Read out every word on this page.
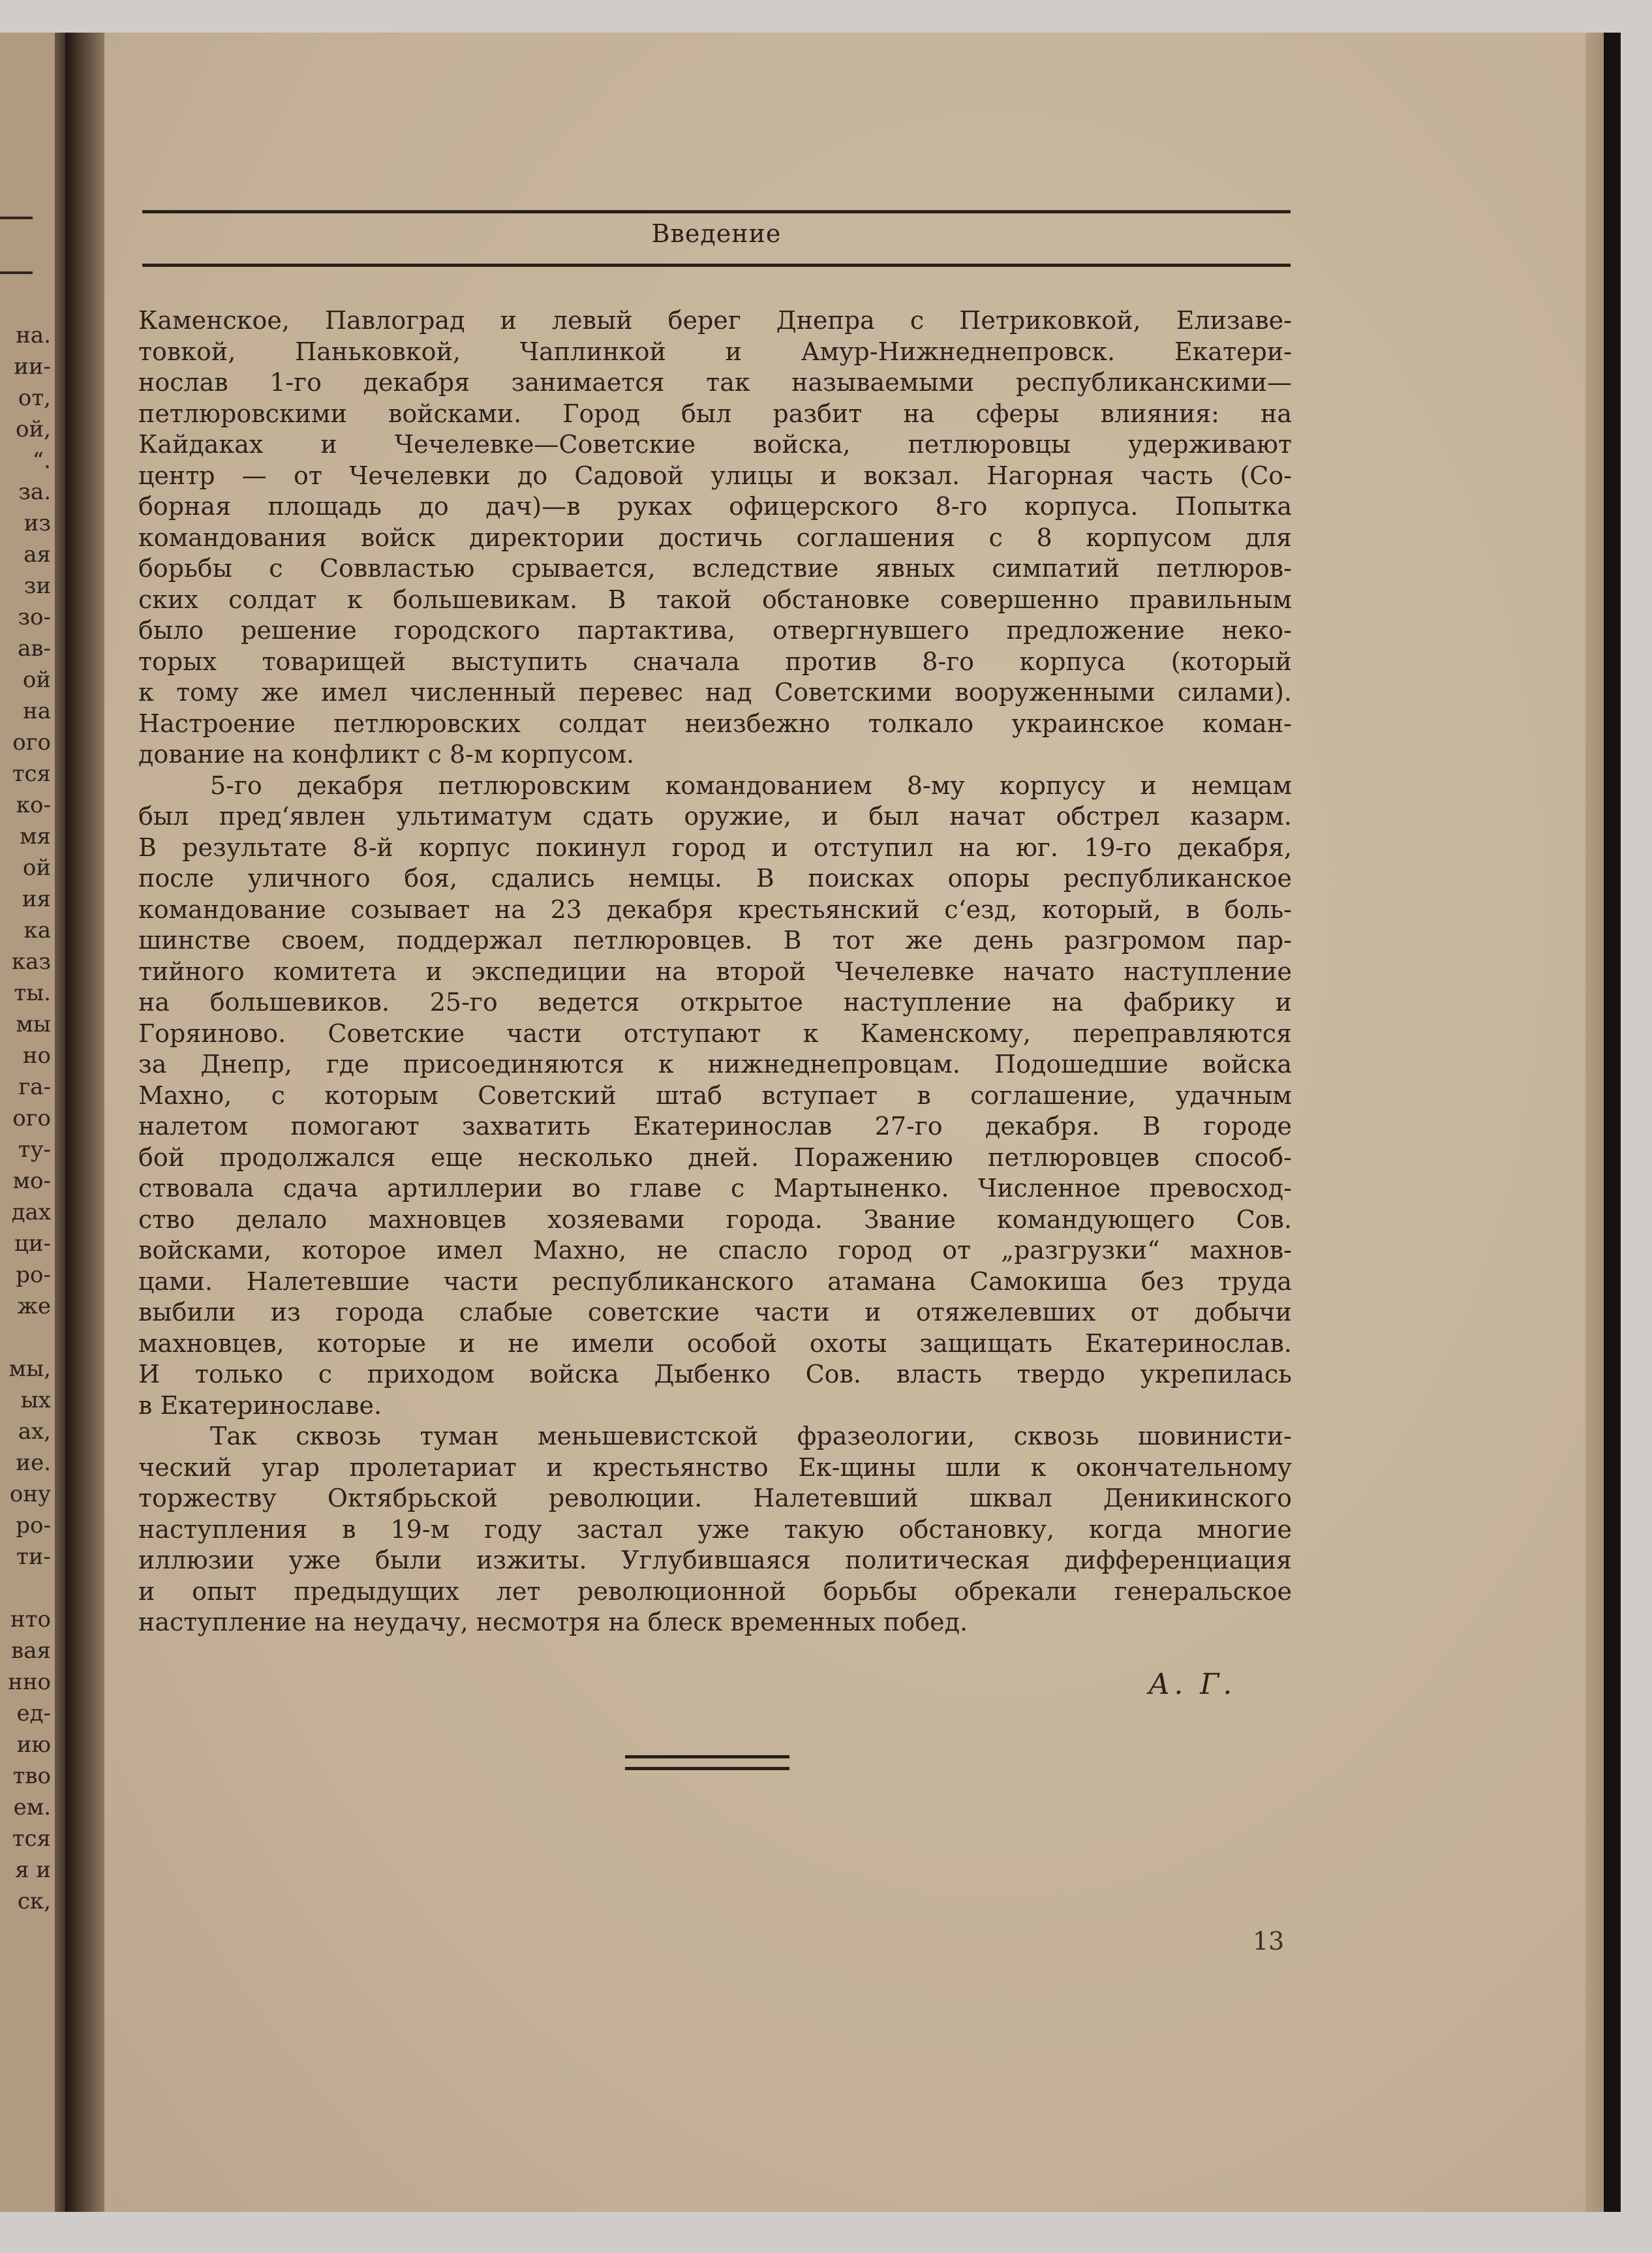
на.
ии-
от,
ой,
“.
за.
из
ая
зи
зо-
ав-
ой
на
ого
тся
ко-
мя
ой
ия
ка
каз
ты.
мы
но
га-
ого
ту-
мо-
дах
ци-
ро-
же
мы,
ых
ах,
ие.
ону
ро-
ти-
нто
вая
нно
ед-
ию
тво
ем.
тся
я и
ск,
Введение
Каменское, Павлоград и левый берег Днепра с Петриковкой, Елизаве-
товкой, Паньковкой, Чаплинкой и Амур-Нижнеднепровск. Екатери-
нослав 1-го декабря занимается так называемыми республиканскими—
петлюровскими войсками. Город был разбит на сферы влияния: на
Кайдаках и Чечелевке—Советские войска, петлюровцы удерживают
центр — от Чечелевки до Садовой улицы и вокзал. Нагорная часть (Со-
борная площадь до дач)—в руках офицерского 8-го корпуса. Попытка
командования войск директории достичь соглашения с 8 корпусом для
борьбы с Соввластью срывается, вследствие явных симпатий петлюров-
ских солдат к большевикам. В такой обстановке совершенно правильным
было решение городского партактива, отвергнувшего предложение неко-
торых товарищей выступить сначала против 8-го корпуса (который
к тому же имел численный перевес над Советскими вооруженными силами).
Настроение петлюровских солдат неизбежно толкало украинское коман-
дование на конфликт с 8-м корпусом.
5-го декабря петлюровским командованием 8-му корпусу и немцам
был пред‘явлен ультиматум сдать оружие, и был начат обстрел казарм.
В результате 8-й корпус покинул город и отступил на юг. 19-го декабря,
после уличного боя, сдались немцы. В поисках опоры республиканское
командование созывает на 23 декабря крестьянский с‘езд, который, в боль-
шинстве своем, поддержал петлюровцев. В тот же день разгромом пар-
тийного комитета и экспедиции на второй Чечелевке начато наступление
на большевиков. 25-го ведется открытое наступление на фабрику и
Горяиново. Советские части отступают к Каменскому, переправляются
за Днепр, где присоединяются к нижнеднепровцам. Подошедшие войска
Махно, с которым Советский штаб вступает в соглашение, удачным
налетом помогают захватить Екатеринослав 27-го декабря. В городе
бой продолжался еще несколько дней. Поражению петлюровцев способ-
ствовала сдача артиллерии во главе с Мартыненко. Численное превосход-
ство делало махновцев хозяевами города. Звание командующего Сов.
войсками, которое имел Махно, не спасло город от „разгрузки“ махнов-
цами. Налетевшие части республиканского атамана Самокиша без труда
выбили из города слабые советские части и отяжелевших от добычи
махновцев, которые и не имели особой охоты защищать Екатеринослав.
И только с приходом войска Дыбенко Сов. власть твердо укрепилась
в Екатеринославе.
Так сквозь туман меньшевистской фразеологии, сквозь шовинисти-
ческий угар пролетариат и крестьянство Ек-щины шли к окончательному
торжеству Октябрьской революции. Налетевший шквал Деникинского
наступления в 19-м году застал уже такую обстановку, когда многие
иллюзии уже были изжиты. Углубившаяся политическая дифференциация
и опыт предыдущих лет революционной борьбы обрекали генеральское
наступление на неудачу, несмотря на блеск временных побед.
А. Г.
13
